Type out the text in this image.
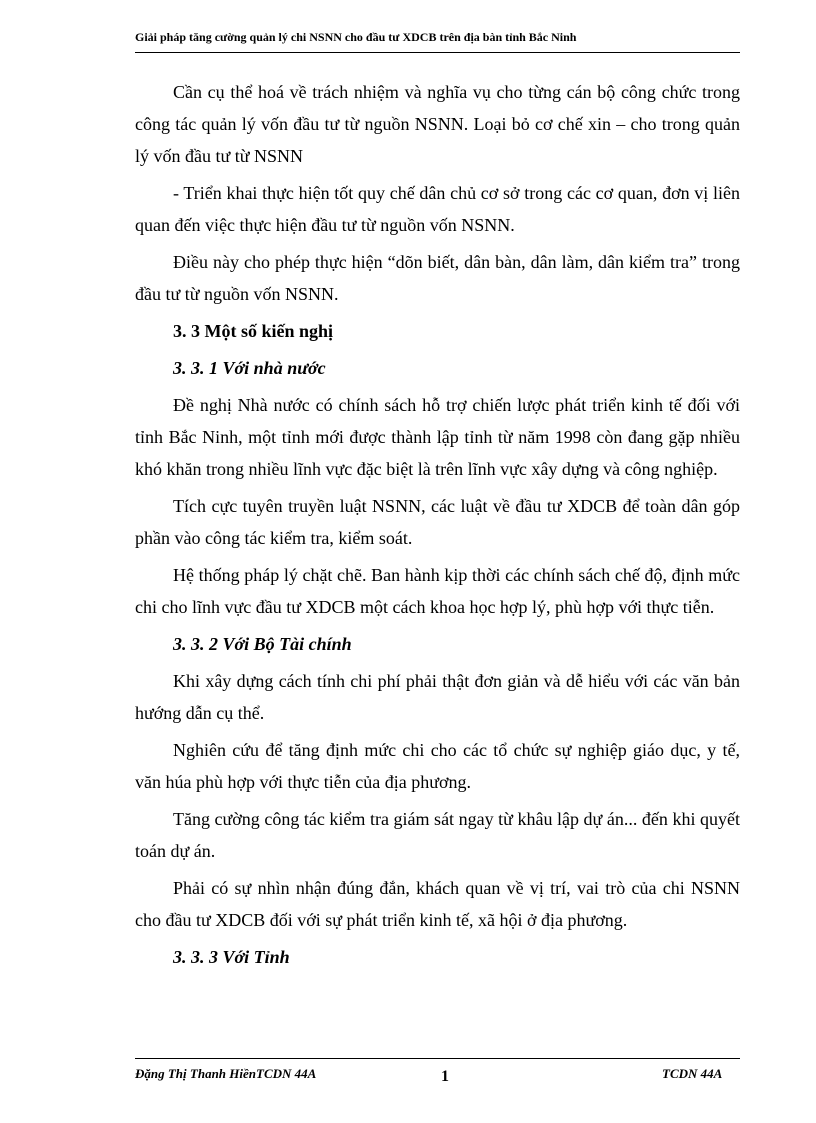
Giải pháp tăng cường quản lý chi NSNN cho đầu tư XDCB trên địa bàn tỉnh Bắc Ninh

Cần cụ thể hoá về trách nhiệm và nghĩa vụ cho từng cán bộ công chức trong công tác quản lý vốn đầu tư từ nguồn NSNN. Loại bỏ cơ chế xin – cho trong quản lý vốn đầu tư từ NSNN

- Triển khai thực hiện tốt quy chế dân chủ cơ sở trong các cơ quan, đơn vị liên quan đến việc thực hiện đầu tư từ nguồn vốn NSNN.

Điều này cho phép thực hiện “dõn biết, dân bàn, dân làm, dân kiểm tra” trong đầu tư từ nguồn vốn NSNN.

3. 3 Một số kiến nghị

3. 3. 1 Với nhà nước

Đề nghị Nhà nước có chính sách hỗ trợ chiến lược phát triển kinh tế đối với tỉnh Bắc Ninh, một tỉnh mới được thành lập tỉnh từ năm 1998 còn đang gặp nhiều khó khăn trong nhiều lĩnh vực đặc biệt là trên lĩnh vực xây dựng và công nghiệp.

Tích cực tuyên truyền luật NSNN, các luật về đầu tư XDCB để toàn dân góp phần vào công tác kiểm tra, kiểm soát.

Hệ thống pháp lý chặt chẽ. Ban hành kịp thời các chính sách chế độ, định mức chi cho lĩnh vực đầu tư XDCB một cách khoa học hợp lý, phù hợp với thực tiễn.

3. 3. 2 Với Bộ Tài chính

Khi xây dựng cách tính chi phí phải thật đơn giản và dễ hiểu với các văn bản hướng dẫn cụ thể.

Nghiên cứu để tăng định mức chi cho các tổ chức sự nghiệp giáo dục, y tế, văn húa phù hợp với thực tiễn của địa phương.

Tăng cường công tác kiểm tra giám sát ngay từ khâu lập dự án... đến khi quyết toán dự án.

Phải có sự nhìn nhận đúng đắn, khách quan về vị trí, vai trò của chi NSNN cho đầu tư XDCB đối với sự phát triển kinh tế, xã hội ở địa phương.

3. 3. 3 Với Tỉnh

Đặng Thị Thanh HiềnTCDN 44A	1	TCDN 44A
